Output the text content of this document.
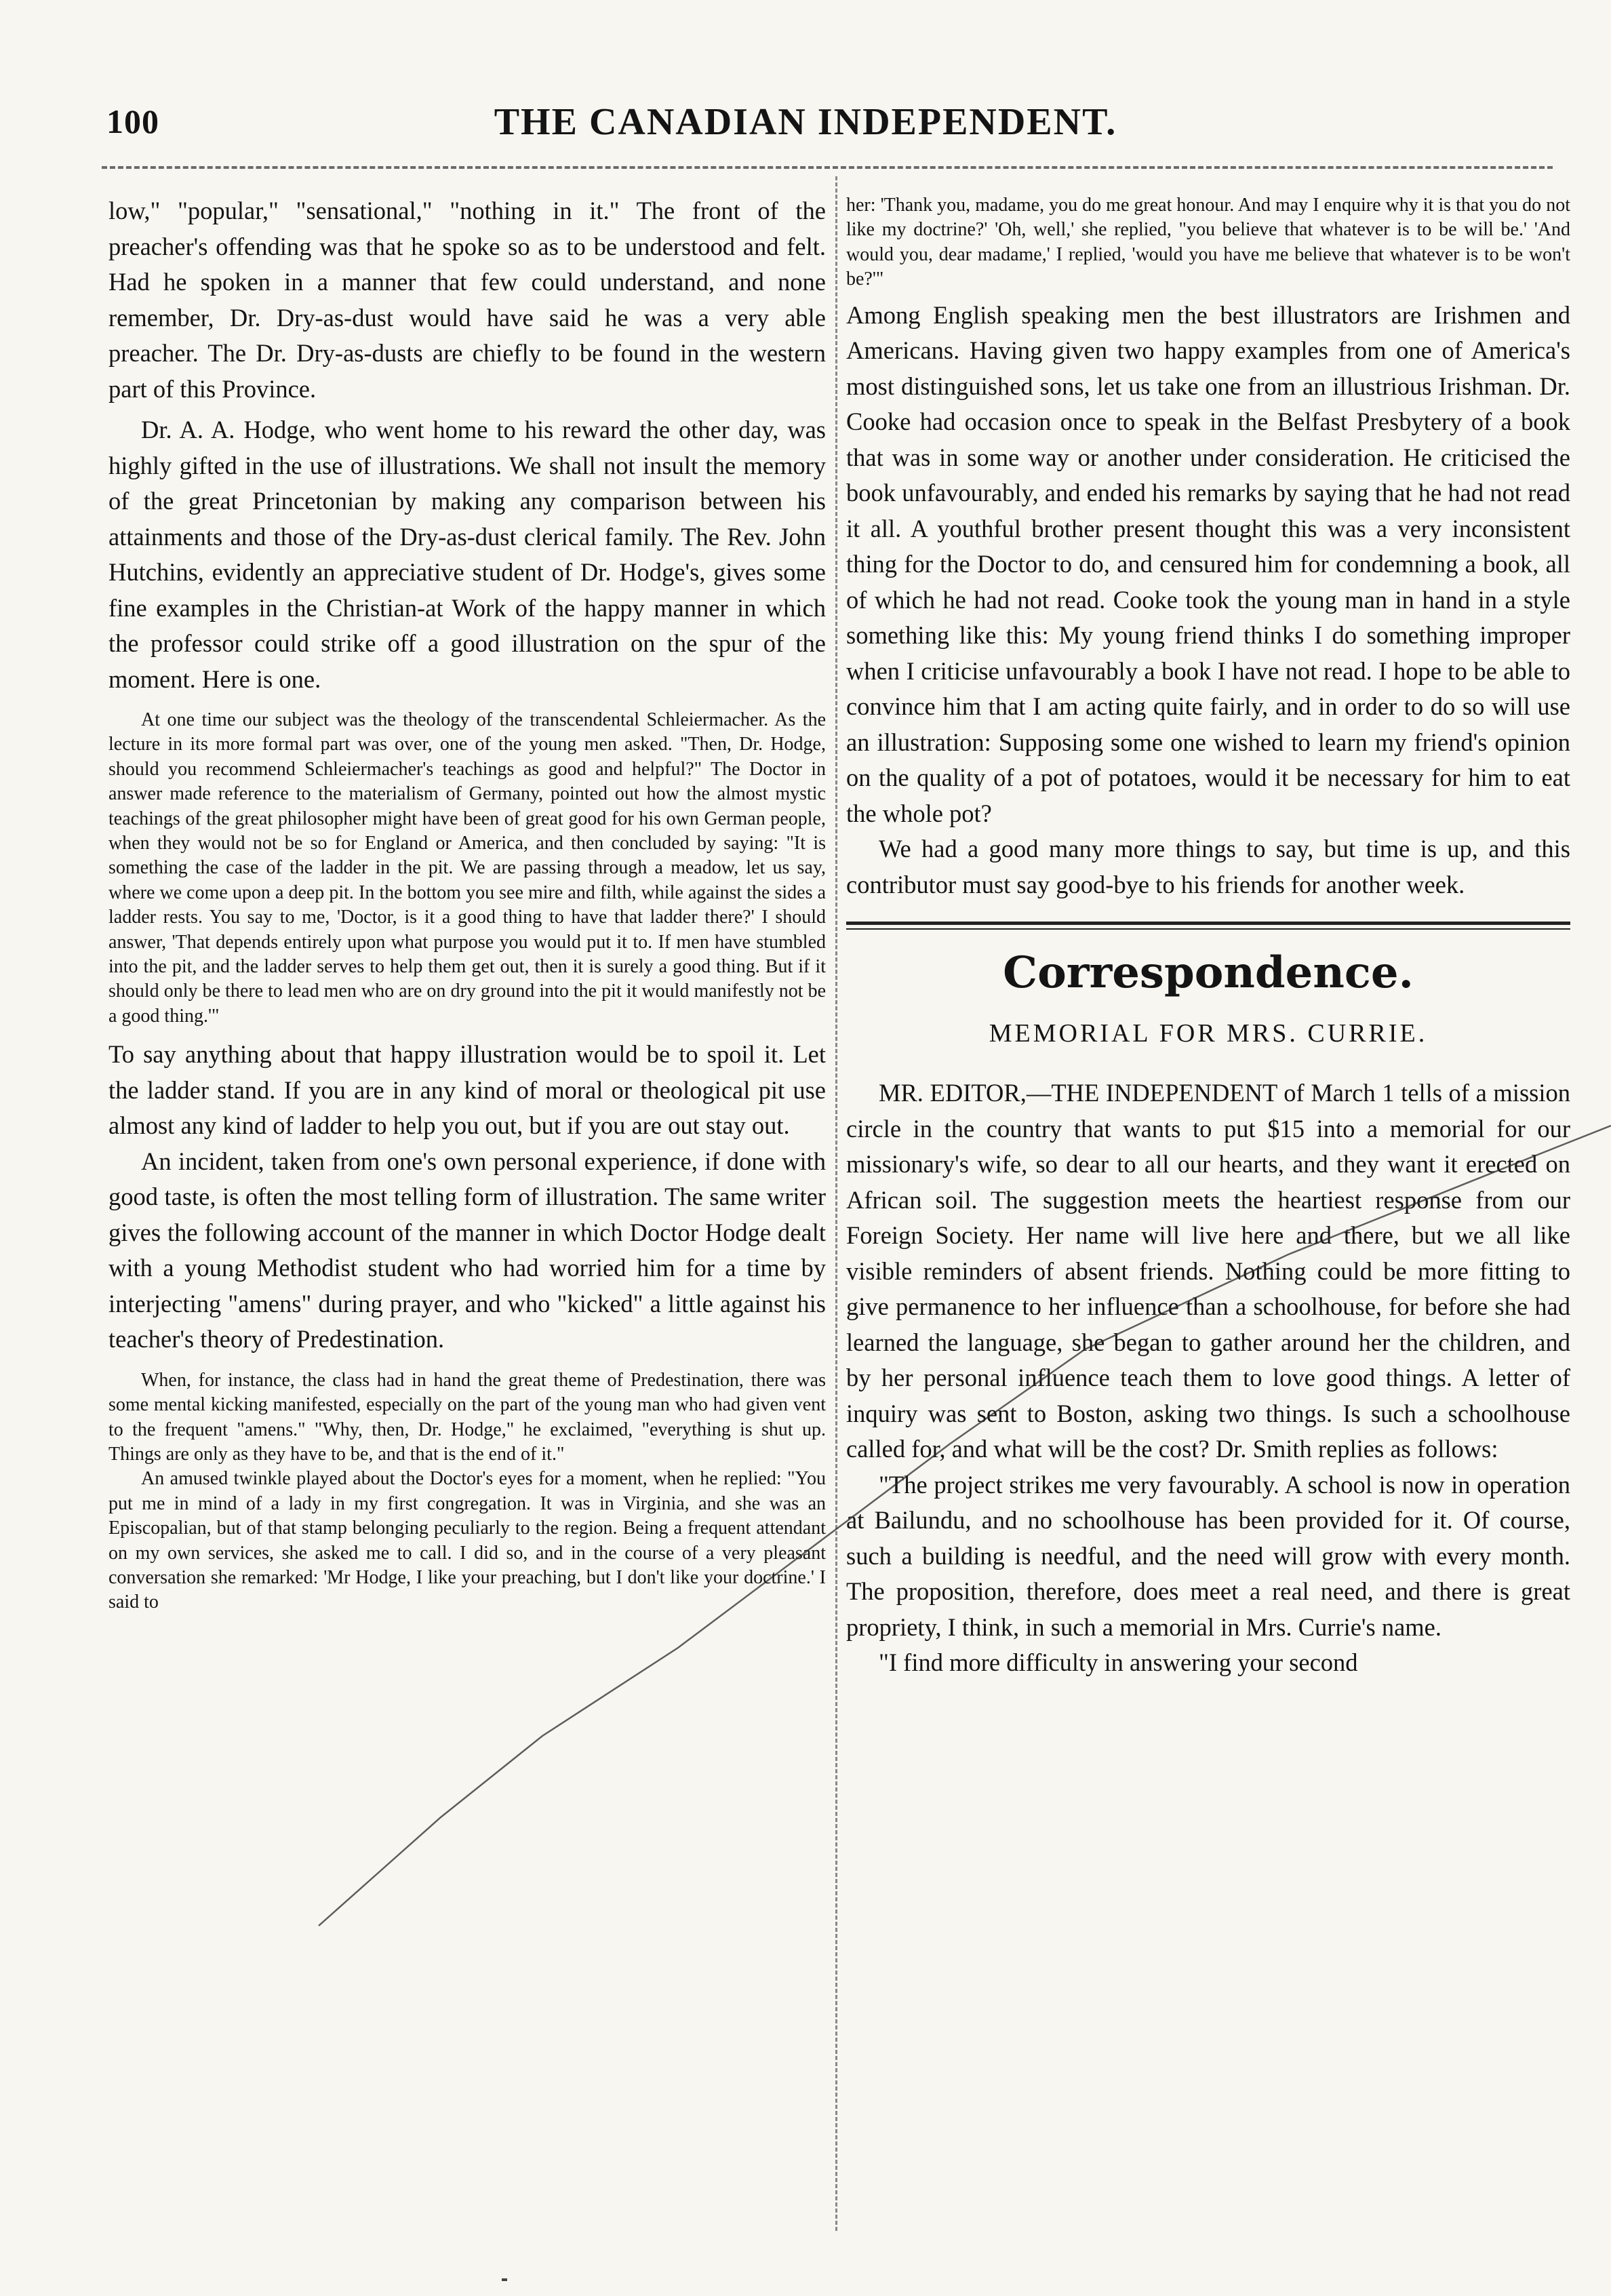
100	THE CANADIAN INDEPENDENT.

low," "popular," "sensational," "nothing in it." The front of the preacher's offending was that he spoke so as to be understood and felt. Had he spoken in a manner that few could understand, and none remember, Dr. Dry-as-dust would have said he was a very able preacher. The Dr. Dry-as-dusts are chiefly to be found in the western part of this Province.

Dr. A. A. Hodge, who went home to his reward the other day, was highly gifted in the use of illustrations. We shall not insult the memory of the great Princetonian by making any comparison between his attainments and those of the Dry-as-dust clerical family. The Rev. John Hutchins, evidently an appreciative student of Dr. Hodge's, gives some fine examples in the Christian-at Work of the happy manner in which the professor could strike off a good illustration on the spur of the moment. Here is one.

At one time our subject was the theology of the transcendental Schleiermacher. As the lecture in its more formal part was over, one of the young men asked. "Then, Dr. Hodge, should you recommend Schleiermacher's teachings as good and helpful?" The Doctor in answer made reference to the materialism of Germany, pointed out how the almost mystic teachings of the great philosopher might have been of great good for his own German people, when they would not be so for England or America, and then concluded by saying: "It is something the case of the ladder in the pit. We are passing through a meadow, let us say, where we come upon a deep pit. In the bottom you see mire and filth, while against the sides a ladder rests. You say to me, 'Doctor, is it a good thing to have that ladder there?' I should answer, 'That depends entirely upon what purpose you would put it to. If men have stumbled into the pit, and the ladder serves to help them get out, then it is surely a good thing. But if it should only be there to lead men who are on dry ground into the pit it would manifestly not be a good thing.'"

To say anything about that happy illustration would be to spoil it. Let the ladder stand. If you are in any kind of moral or theological pit use almost any kind of ladder to help you out, but if you are out stay out.

An incident, taken from one's own personal experience, if done with good taste, is often the most telling form of illustration. The same writer gives the following account of the manner in which Doctor Hodge dealt with a young Methodist student who had worried him for a time by interjecting "amens" during prayer, and who "kicked" a little against his teacher's theory of Predestination.

When, for instance, the class had in hand the great theme of Predestination, there was some mental kicking manifested, especially on the part of the young man who had given vent to the frequent "amens." "Why, then, Dr. Hodge," he exclaimed, "everything is shut up. Things are only as they have to be, and that is the end of it."

An amused twinkle played about the Doctor's eyes for a moment, when he replied: "You put me in mind of a lady in my first congregation. It was in Virginia, and she was an Episcopalian, but of that stamp belonging peculiarly to the region. Being a frequent attendant on my own services, she asked me to call. I did so, and in the course of a very pleasant conversation she remarked: 'Mr Hodge, I like your preaching, but I don't like your doctrine.' I said to

her: 'Thank you, madame, you do me great honour. And may I enquire why it is that you do not like my doctrine?' 'Oh, well,' she replied, "you believe that whatever is to be will be.' 'And would you, dear madame,' I replied, 'would you have me believe that whatever is to be won't be?'"

Among English speaking men the best illustrators are Irishmen and Americans. Having given two happy examples from one of America's most distinguished sons, let us take one from an illustrious Irishman. Dr. Cooke had occasion once to speak in the Belfast Presbytery of a book that was in some way or another under consideration. He criticised the book unfavourably, and ended his remarks by saying that he had not read it all. A youthful brother present thought this was a very inconsistent thing for the Doctor to do, and censured him for condemning a book, all of which he had not read. Cooke took the young man in hand in a style something like this: My young friend thinks I do something improper when I criticise unfavourably a book I have not read. I hope to be able to convince him that I am acting quite fairly, and in order to do so will use an illustration: Supposing some one wished to learn my friend's opinion on the quality of a pot of potatoes, would it be necessary for him to eat the whole pot?

We had a good many more things to say, but time is up, and this contributor must say good-bye to his friends for another week.

Correspondence.
MEMORIAL FOR MRS. CURRIE.

MR. EDITOR,—THE INDEPENDENT of March 1 tells of a mission circle in the country that wants to put $15 into a memorial for our missionary's wife, so dear to all our hearts, and they want it erected on African soil. The suggestion meets the heartiest response from our Foreign Society. Her name will live here and there, but we all like visible reminders of absent friends. Nothing could be more fitting to give permanence to her influence than a schoolhouse, for before she had learned the language, she began to gather around her the children, and by her personal influence teach them to love good things. A letter of inquiry was sent to Boston, asking two things. Is such a schoolhouse called for, and what will be the cost? Dr. Smith replies as follows:

"The project strikes me very favourably. A school is now in operation at Bailundu, and no schoolhouse has been provided for it. Of course, such a building is needful, and the need will grow with every month. The proposition, therefore, does meet a real need, and there is great propriety, I think, in such a memorial in Mrs. Currie's name.

"I find more difficulty in answering your second
